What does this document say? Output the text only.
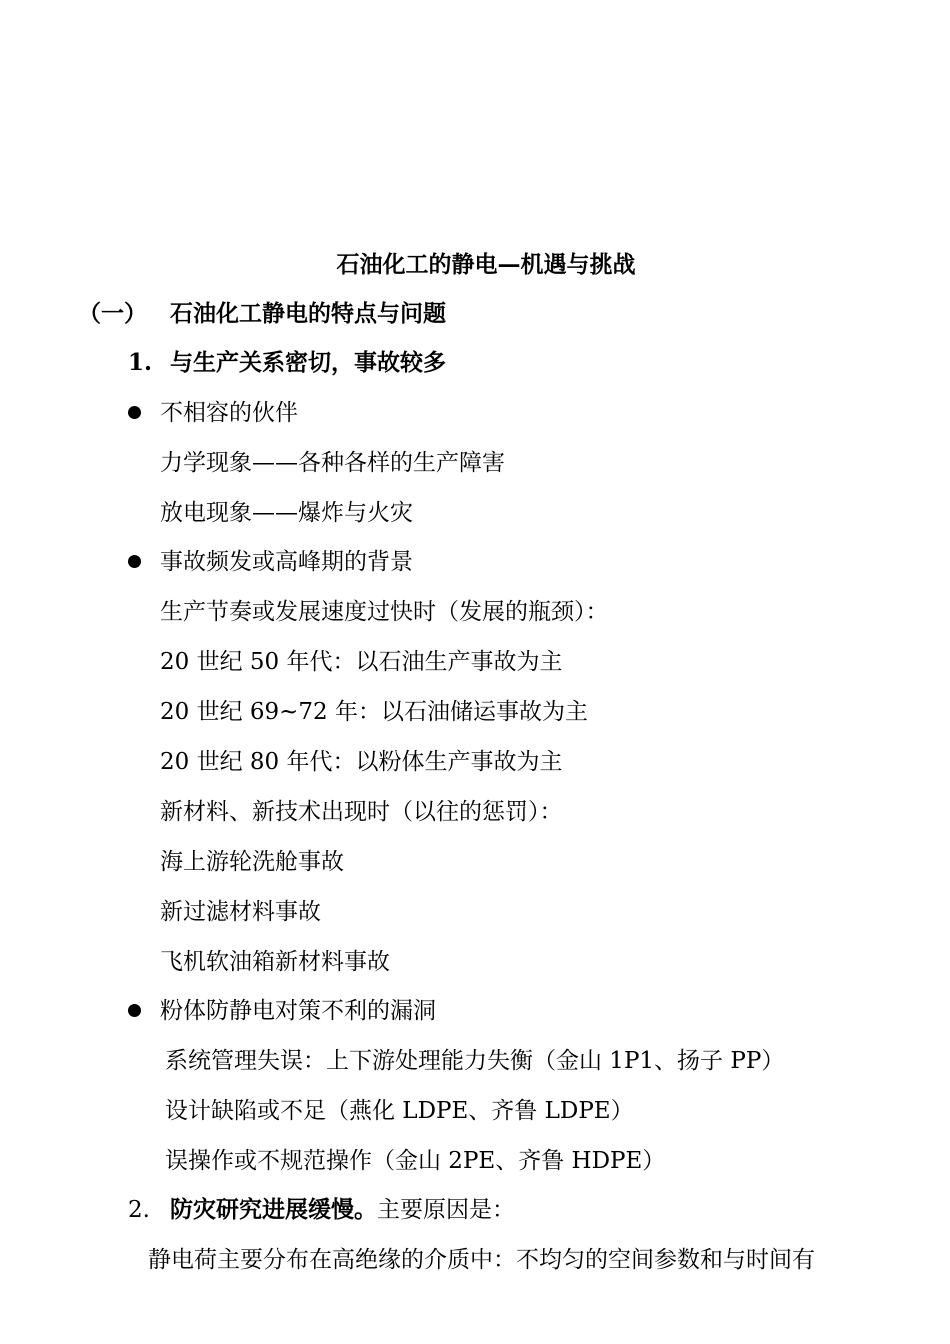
石油化工的静电—机遇与挑战
（一） 石油化工静电的特点与问题
1. 与生产关系密切，事故较多
不相容的伙伴
力学现象——各种各样的生产障害
放电现象——爆炸与火灾
事故频发或高峰期的背景
生产节奏或发展速度过快时（发展的瓶颈）：
20 世纪 50 年代：以石油生产事故为主
20 世纪 69~72 年：以石油储运事故为主
20 世纪 80 年代：以粉体生产事故为主
新材料、新技术出现时（以往的惩罚）：
海上游轮洗舱事故
新过滤材料事故
飞机软油箱新材料事故
粉体防静电对策不利的漏洞
系统管理失误：上下游处理能力失衡（金山 1P1、扬子 PP）
设计缺陷或不足（燕化 LDPE、齐鲁 LDPE）
误操作或不规范操作（金山 2PE、齐鲁 HDPE）
2. 防灾研究进展缓慢。主要原因是：
静电荷主要分布在高绝缘的介质中：不均匀的空间参数和与时间有
